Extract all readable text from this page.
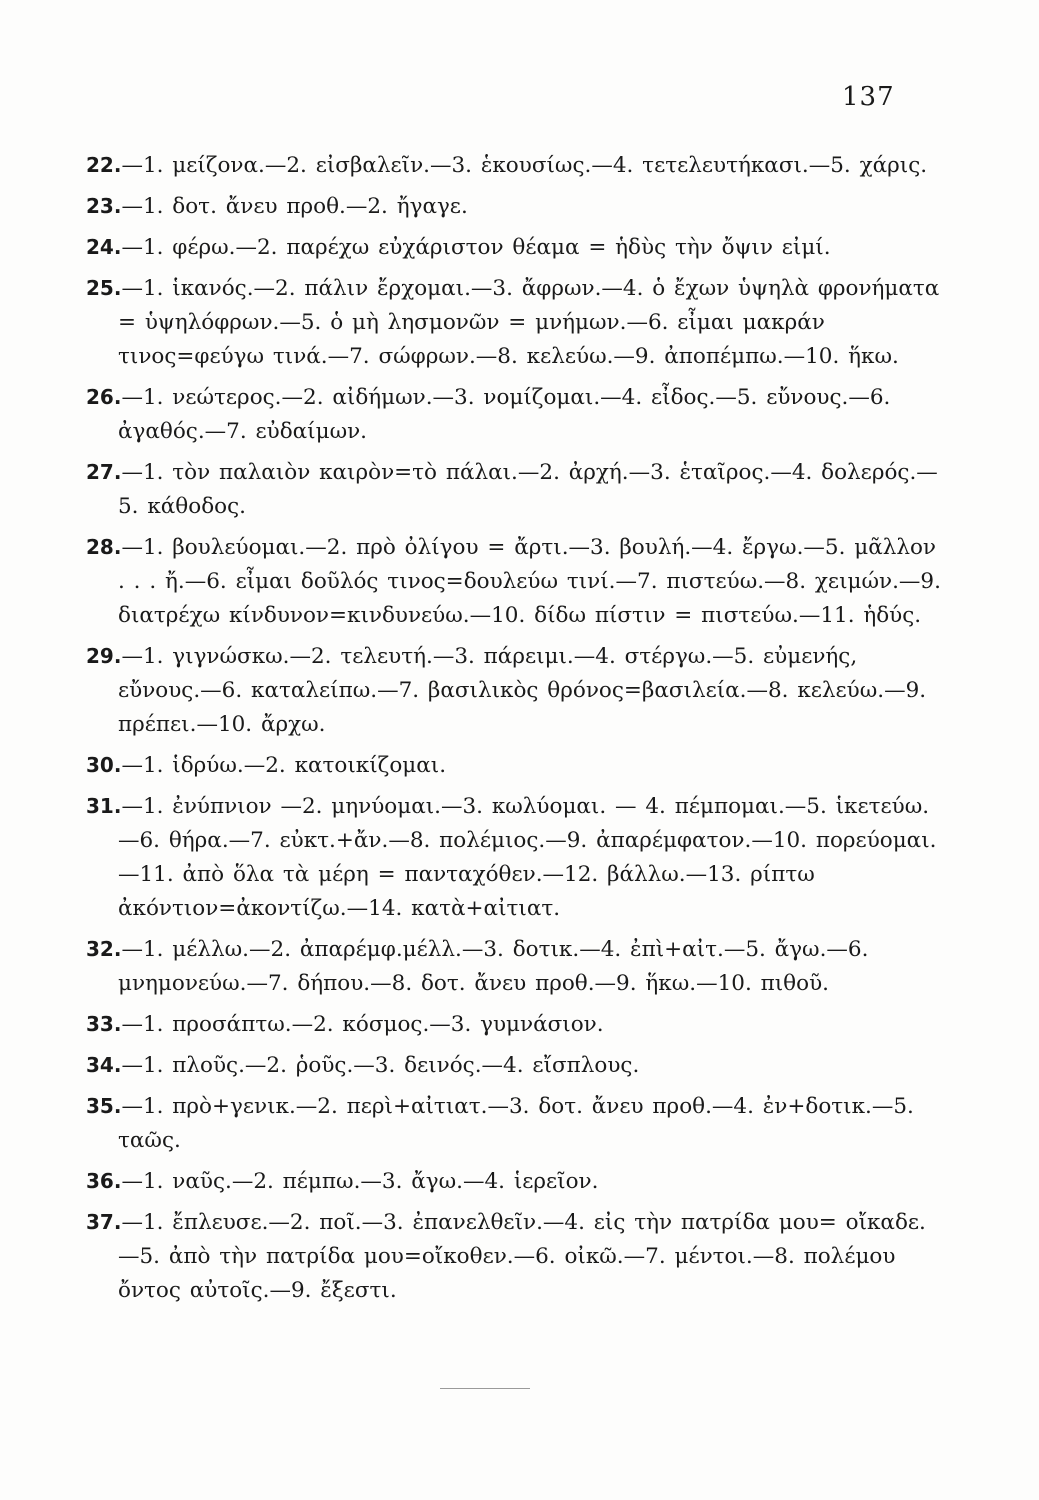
137

22.—1. μείζονα.—2. εἰσβαλεῖν.—3. ἑκουσίως.—4. τετελευτήκασι.—5. χάρις.

23.—1. δοτ. ἄνευ προθ.—2. ἤγαγε.

24.—1. φέρω.—2. παρέχω εὐχάριστον θέαμα = ἡδὺς τὴν ὄψιν εἰμί.

25.—1. ἱκανός.—2. πάλιν ἔρχομαι.—3. ἄφρων.—4. ὁ ἔχων ὑψηλὰ φρονήματα = ὑψηλόφρων.—5. ὁ μὴ λησμονῶν = μνήμων.—6. εἶμαι μακράν τινος=φεύγω τινά.—7. σώφρων.—8. κελεύω.—9. ἀποπέμπω.—10. ἥκω.

26.—1. νεώτερος.—2. αἰδήμων.—3. νομίζομαι.—4. εἶδος.—5. εὔνους.—6. ἀγαθός.—7. εὐδαίμων.

27.—1. τὸν παλαιὸν καιρὸν=τὸ πάλαι.—2. ἀρχή.—3. ἑταῖρος.—4. δολερός.—5. κάθοδος.

28.—1. βουλεύομαι.—2. πρὸ ὀλίγου = ἄρτι.—3. βουλή.—4. ἔργω.—5. μᾶλλον . . . ἤ.—6. εἶμαι δοῦλός τινος=δουλεύω τινί.—7. πιστεύω.—8. χειμών.—9. διατρέχω κίνδυνον=κινδυνεύω.—10. δίδω πίστιν = πιστεύω.—11. ἡδύς.

29.—1. γιγνώσκω.—2. τελευτή.—3. πάρειμι.—4. στέργω.—5. εὐμενής, εὔνους.—6. καταλείπω.—7. βασιλικὸς θρόνος=βασιλεία.—8. κελεύω.—9. πρέπει.—10. ἄρχω.

30.—1. ἱδρύω.—2. κατοικίζομαι.

31.—1. ἐνύπνιον —2. μηνύομαι.—3. κωλύομαι. — 4. πέμπομαι.—5. ἱκετεύω.—6. θήρα.—7. εὐκτ.+ἄν.—8. πολέμιος.—9. ἀπαρέμφατον.—10. πορεύομαι.—11. ἀπὸ ὅλα τὰ μέρη = πανταχόθεν.—12. βάλλω.—13. ρίπτω ἀκόντιον=ἀκοντίζω.—14. κατὰ+αἰτιατ.

32.—1. μέλλω.—2. ἀπαρέμφ.μέλλ.—3. δοτικ.—4. ἐπὶ+αἰτ.—5. ἄγω.—6. μνημονεύω.—7. δήπου.—8. δοτ. ἄνευ προθ.—9. ἥκω.—10. πιθοῦ.

33.—1. προσάπτω.—2. κόσμος.—3. γυμνάσιον.

34.—1. πλοῦς.—2. ῥοῦς.—3. δεινός.—4. εἴσπλους.

35.—1. πρὸ+γενικ.—2. περὶ+αἰτιατ.—3. δοτ. ἄνευ προθ.—4. ἐν+δοτικ.—5. ταῶς.

36.—1. ναῦς.—2. πέμπω.—3. ἄγω.—4. ἱερεῖον.

37.—1. ἔπλευσε.—2. ποῖ.—3. ἐπανελθεῖν.—4. εἰς τὴν πατρίδα μου= οἴκαδε.—5. ἀπὸ τὴν πατρίδα μου=οἴκοθεν.—6. οἰκῶ.—7. μέντοι.—8. πολέμου ὄντος αὐτοῖς.—9. ἔξεστι.
